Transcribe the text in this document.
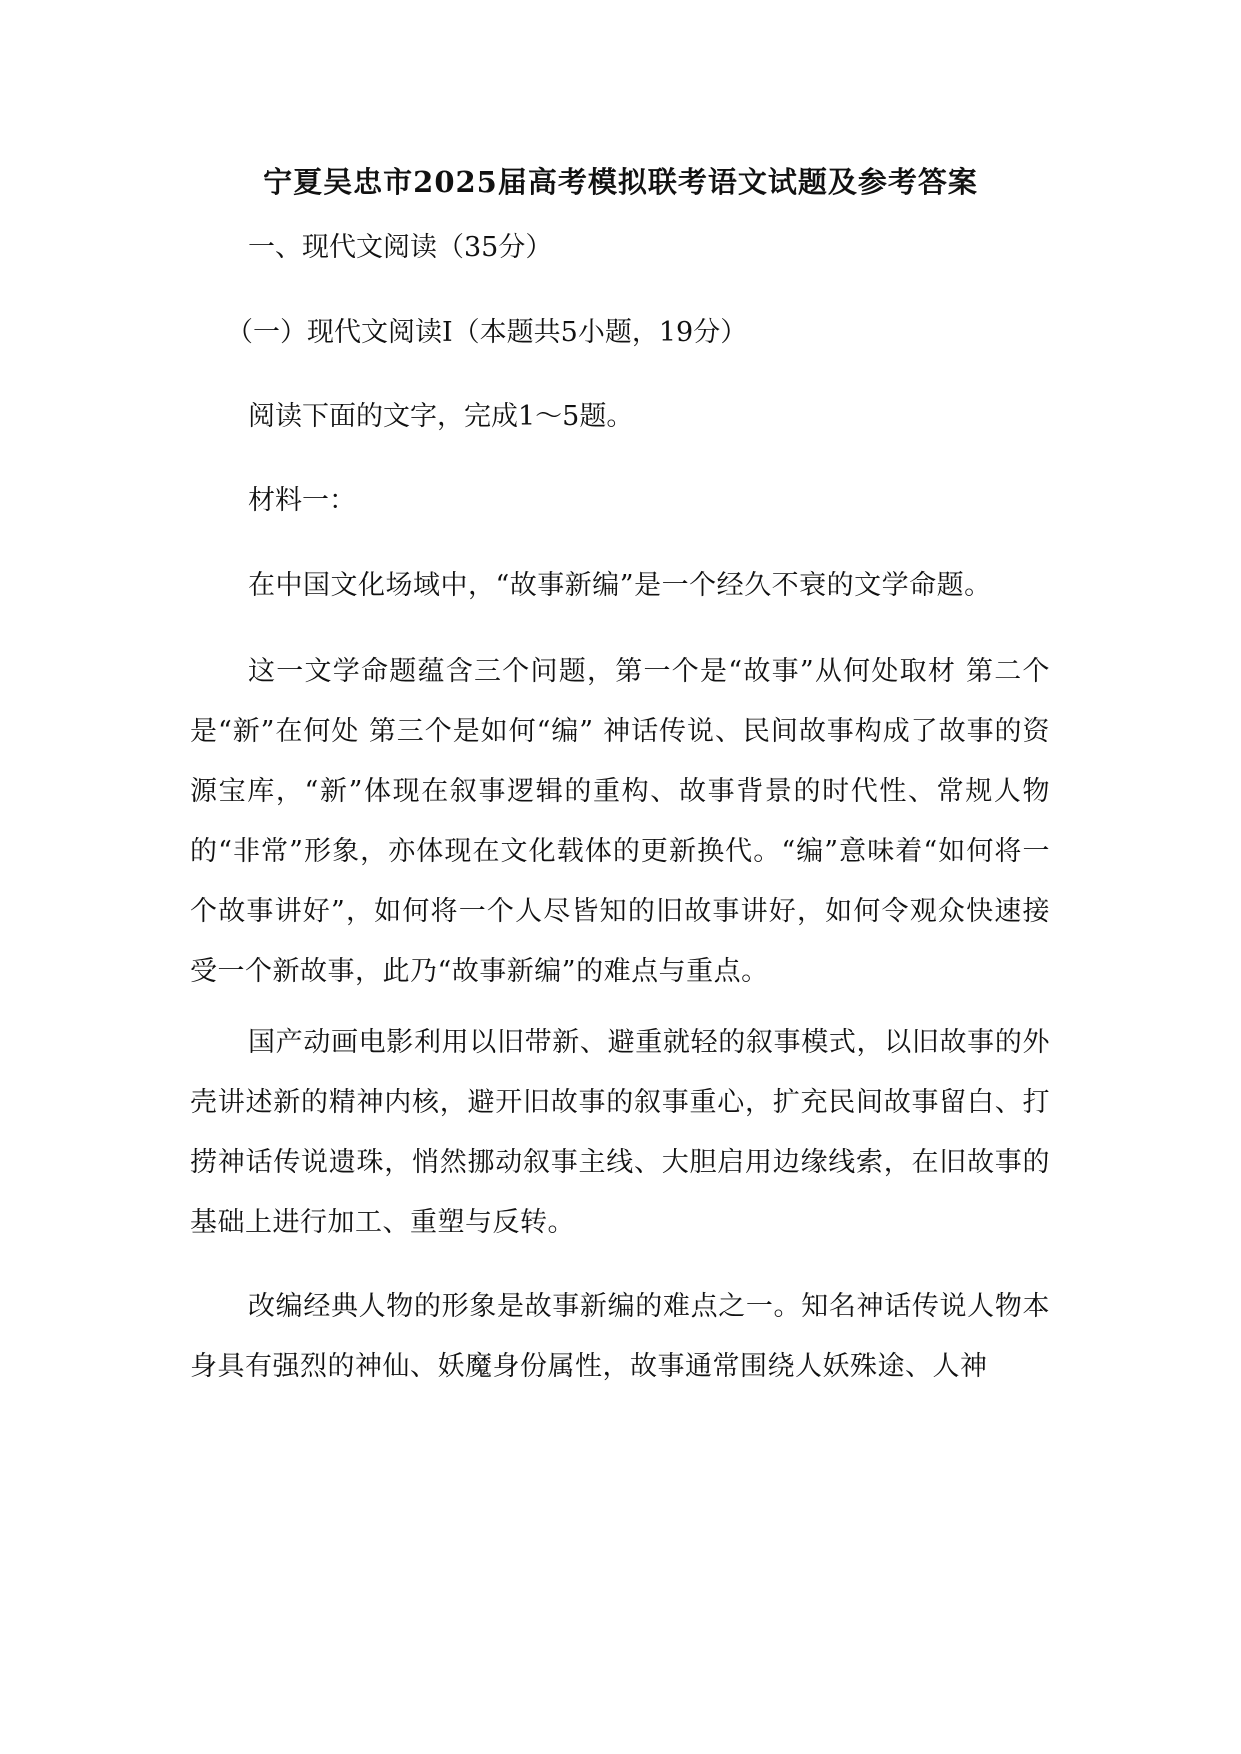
宁夏吴忠市2025届高考模拟联考语文试题及参考答案
一、现代文阅读（35分）
（一）现代文阅读Ⅰ（本题共5小题，19分）
阅读下面的文字，完成1～5题。
材料一：
在中国文化场域中，“故事新编”是一个经久不衰的文学命题。
这一文学命题蕴含三个问题，第一个是“故事”从何处取材 第二个是“新”在何处 第三个是如何“编” 神话传说、民间故事构成了故事的资源宝库，“新”体现在叙事逻辑的重构、故事背景的时代性、常规人物的“非常”形象，亦体现在文化载体的更新换代。“编”意味着“如何将一个故事讲好”，如何将一个人尽皆知的旧故事讲好，如何令观众快速接受一个新故事，此乃“故事新编”的难点与重点。
国产动画电影利用以旧带新、避重就轻的叙事模式，以旧故事的外壳讲述新的精神内核，避开旧故事的叙事重心，扩充民间故事留白、打捞神话传说遗珠，悄然挪动叙事主线、大胆启用边缘线索，在旧故事的基础上进行加工、重塑与反转。
改编经典人物的形象是故事新编的难点之一。知名神话传说人物本身具有强烈的神仙、妖魔身份属性，故事通常围绕人妖殊途、人神
